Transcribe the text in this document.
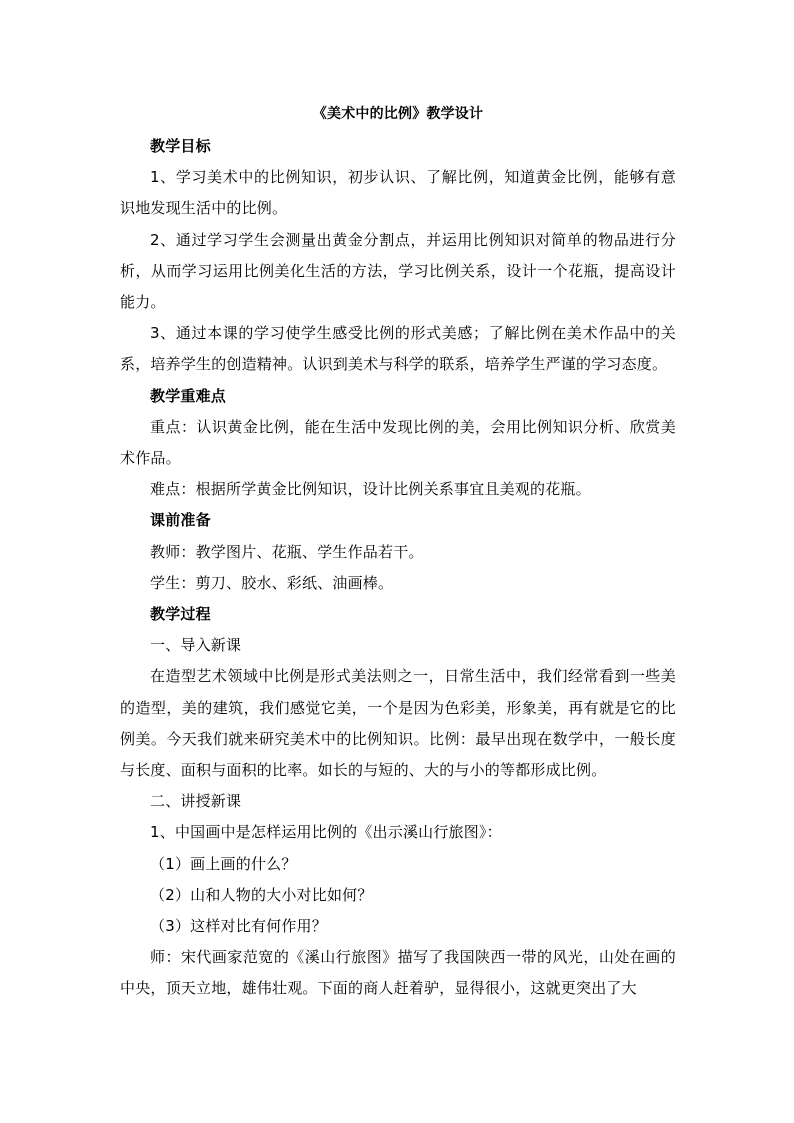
《美术中的比例》教学设计

教学目标

1、学习美术中的比例知识，初步认识、了解比例，知道黄金比例，能够有意识地发现生活中的比例。

2、通过学习学生会测量出黄金分割点，并运用比例知识对简单的物品进行分析，从而学习运用比例美化生活的方法，学习比例关系，设计一个花瓶，提高设计能力。

3、通过本课的学习使学生感受比例的形式美感；了解比例在美术作品中的关系，培养学生的创造精神。认识到美术与科学的联系，培养学生严谨的学习态度。

教学重难点

重点：认识黄金比例，能在生活中发现比例的美，会用比例知识分析、欣赏美术作品。

难点：根据所学黄金比例知识，设计比例关系事宜且美观的花瓶。

课前准备

教师：教学图片、花瓶、学生作品若干。

学生：剪刀、胶水、彩纸、油画棒。

教学过程

一、导入新课

在造型艺术领域中比例是形式美法则之一，日常生活中，我们经常看到一些美的造型，美的建筑，我们感觉它美，一个是因为色彩美，形象美，再有就是它的比例美。今天我们就来研究美术中的比例知识。比例：最早出现在数学中，一般长度与长度、面积与面积的比率。如长的与短的、大的与小的等都形成比例。

二、讲授新课

1、中国画中是怎样运用比例的《出示溪山行旅图》：

（1）画上画的什么？

（2）山和人物的大小对比如何？

（3）这样对比有何作用？

师：宋代画家范宽的《溪山行旅图》描写了我国陕西一带的风光，山处在画的中央，顶天立地，雄伟壮观。下面的商人赶着驴，显得很小，这就更突出了大
